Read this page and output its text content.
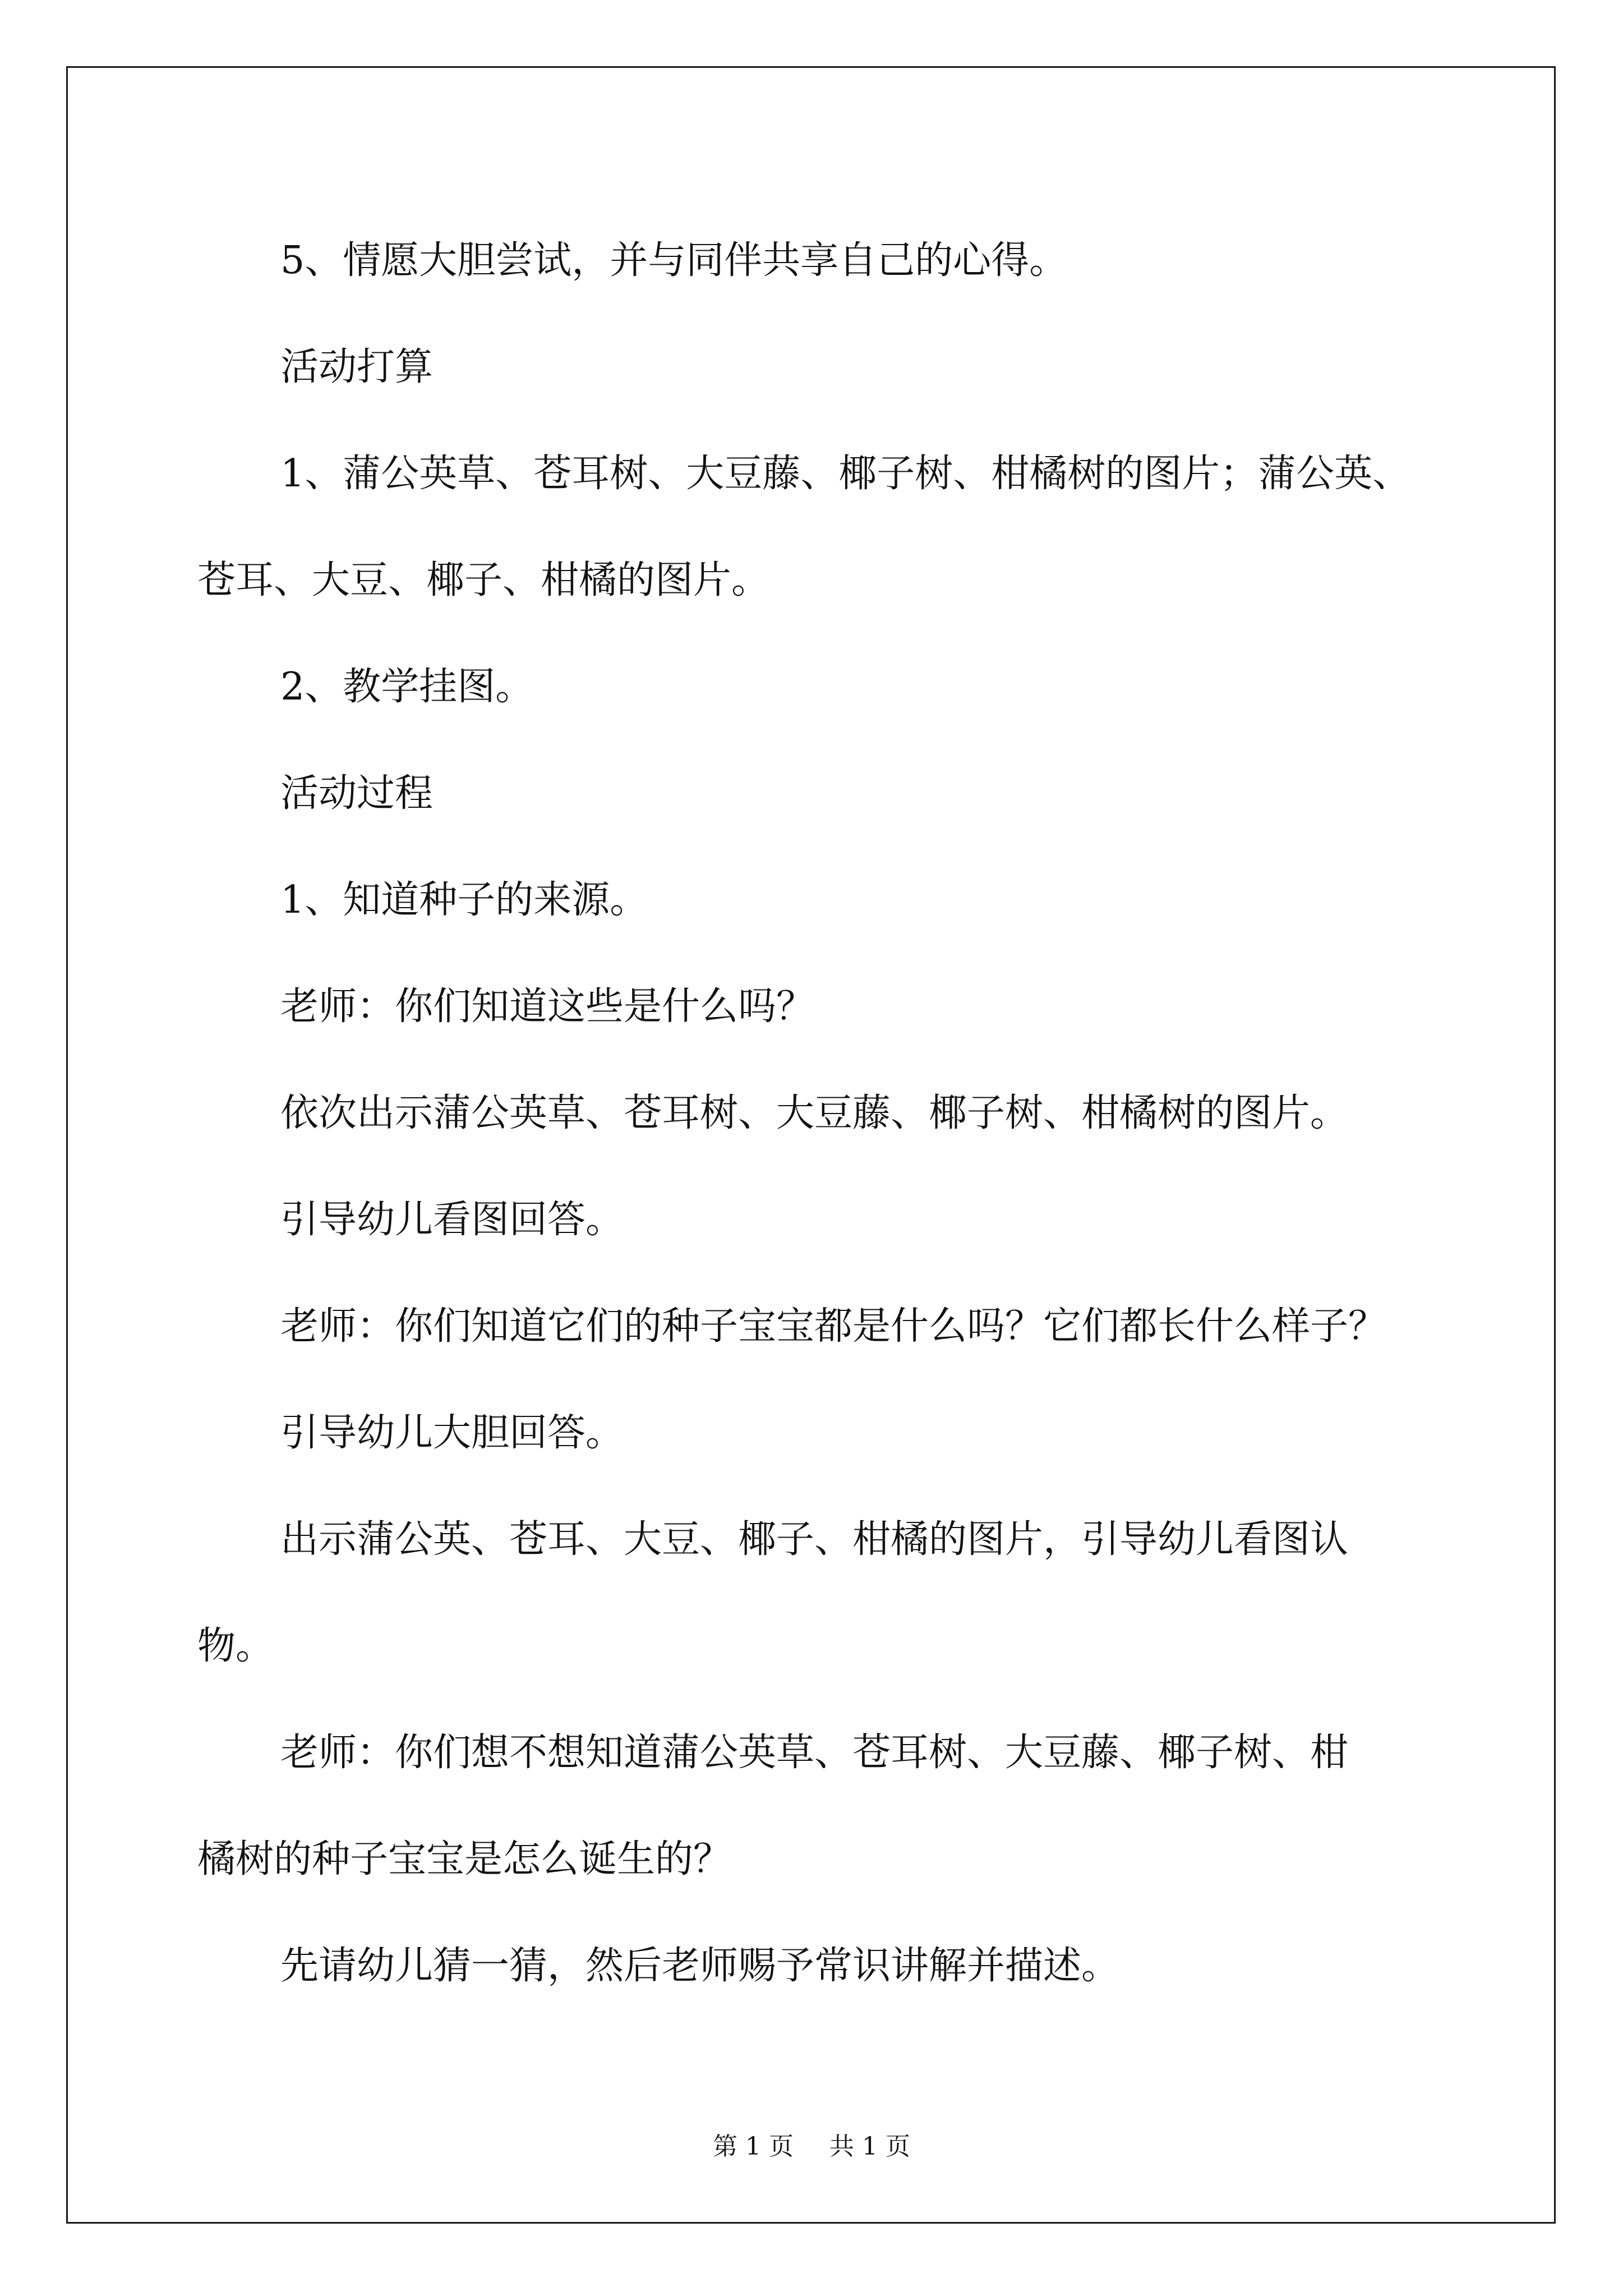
5、情愿大胆尝试，并与同伴共享自己的心得。
活动打算
1、蒲公英草、苍耳树、大豆藤、椰子树、柑橘树的图片；蒲公英、
苍耳、大豆、椰子、柑橘的图片。
2、教学挂图。
活动过程
1、知道种子的来源。
老师：你们知道这些是什么吗？
依次出示蒲公英草、苍耳树、大豆藤、椰子树、柑橘树的图片。
引导幼儿看图回答。
老师：你们知道它们的种子宝宝都是什么吗？它们都长什么样子？
引导幼儿大胆回答。
出示蒲公英、苍耳、大豆、椰子、柑橘的图片，引导幼儿看图认
物。
老师：你们想不想知道蒲公英草、苍耳树、大豆藤、椰子树、柑
橘树的种子宝宝是怎么诞生的？
先请幼儿猜一猜，然后老师赐予常识讲解并描述。
第 1 页 共 1 页
